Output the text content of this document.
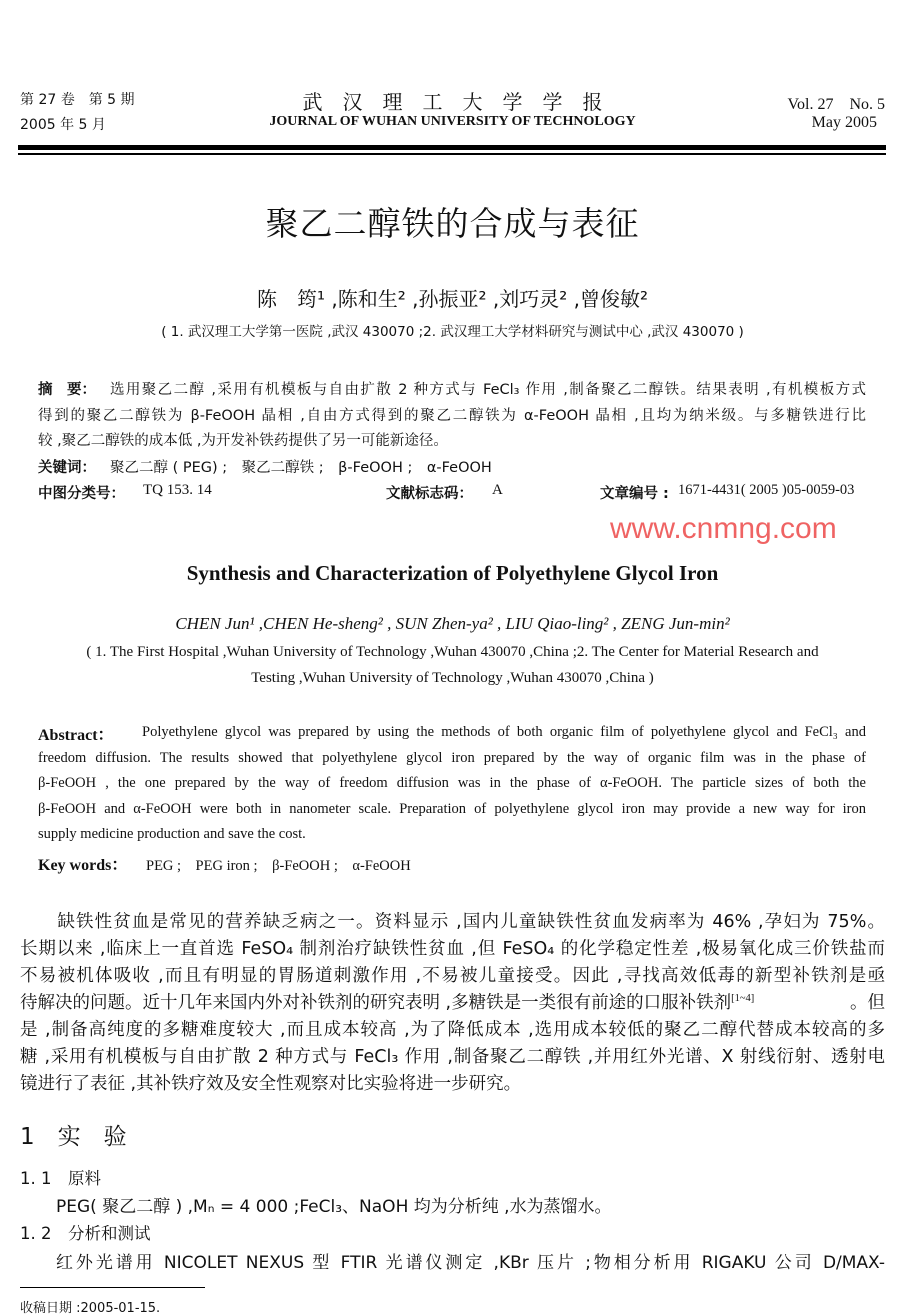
第 27 卷　第 5 期
2005 年 5 月
武　汉　理　工　大　学　学　报
JOURNAL OF WUHAN UNIVERSITY OF TECHNOLOGY
Vol. 27　No. 5
May 2005
聚乙二醇铁的合成与表征
陈　筠¹ ,陈和生² ,孙振亚² ,刘巧灵² ,曾俊敏²
( 1. 武汉理工大学第一医院 ,武汉 430070 ;2. 武汉理工大学材料研究与测试中心 ,武汉 430070 )
摘　要： 选用聚乙二醇 ,采用有机模板与自由扩散 2 种方式与 FeCl₃ 作用 ,制备聚乙二醇铁。结果表明 ,有机模板方式
得到的聚乙二醇铁为 β-FeOOH 晶相 ,自由方式得到的聚乙二醇铁为 α-FeOOH 晶相 ,且均为纳米级。与多糖铁进行比
较 ,聚乙二醇铁的成本低 ,为开发补铁药提供了另一可能新途径。
关键词： 聚乙二醇 ( PEG) ;　聚乙二醇铁 ;　β-FeOOH ;　α-FeOOH
中图分类号： TQ 153. 14	文献标志码： A	文章编号 : 1671-4431( 2005 )05-0059-03
www.cnmng.com
Synthesis and Characterization of Polyethylene Glycol Iron
CHEN Jun¹ ,CHEN He-sheng² , SUN Zhen-ya² , LIU Qiao-ling² , ZENG Jun-min²
( 1. The First Hospital ,Wuhan University of Technology ,Wuhan 430070 ,China ;2. The Center for Material Research and
Testing ,Wuhan University of Technology ,Wuhan 430070 ,China )
Abstract： Polyethylene glycol was prepared by using the methods of both organic film of polyethylene glycol and FeCl₃ and
freedom diffusion. The results showed that polyethylene glycol iron prepared by the way of organic film was in the phase of
β-FeOOH , the one prepared by the way of freedom diffusion was in the phase of α-FeOOH. The particle sizes of both the
β-FeOOH and α-FeOOH were both in nanometer scale. Preparation of polyethylene glycol iron may provide a new way for iron
supply medicine production and save the cost.
Key words： PEG ;　PEG iron ;　β-FeOOH ;　α-FeOOH
　　缺铁性贫血是常见的营养缺乏病之一。资料显示 ,国内儿童缺铁性贫血发病率为 46% ,孕妇为 75%。
长期以来 ,临床上一直首选 FeSO₄ 制剂治疗缺铁性贫血 ,但 FeSO₄ 的化学稳定性差 ,极易氧化成三价铁盐而
不易被机体吸收 ,而且有明显的胃肠道刺激作用 ,不易被儿童接受。因此 ,寻找高效低毒的新型补铁剂是亟
待解决的问题。近十几年来国内外对补铁剂的研究表明 ,多糖铁是一类很有前途的口服补铁剂[1~4]	。但
是 ,制备高纯度的多糖难度较大 ,而且成本较高 ,为了降低成本 ,选用成本较低的聚乙二醇代替成本较高的多
糖 ,采用有机模板与自由扩散 2 种方式与 FeCl₃ 作用 ,制备聚乙二醇铁 ,并用红外光谱、X 射线衍射、透射电
镜进行了表征 ,其补铁疗效及安全性观察对比实验将进一步研究。
1　实　验
1. 1　原料
PEG( 聚乙二醇 ) ,Mₙ = 4 000 ;FeCl₃、NaOH 均为分析纯 ,水为蒸馏水。
1. 2　分析和测试
红外光谱用 NICOLET NEXUS 型 FTIR 光谱仪测定 ,KBr 压片 ;物相分析用 RIGAKU 公司 D/MAX-
收稿日期 :2005-01-15.
